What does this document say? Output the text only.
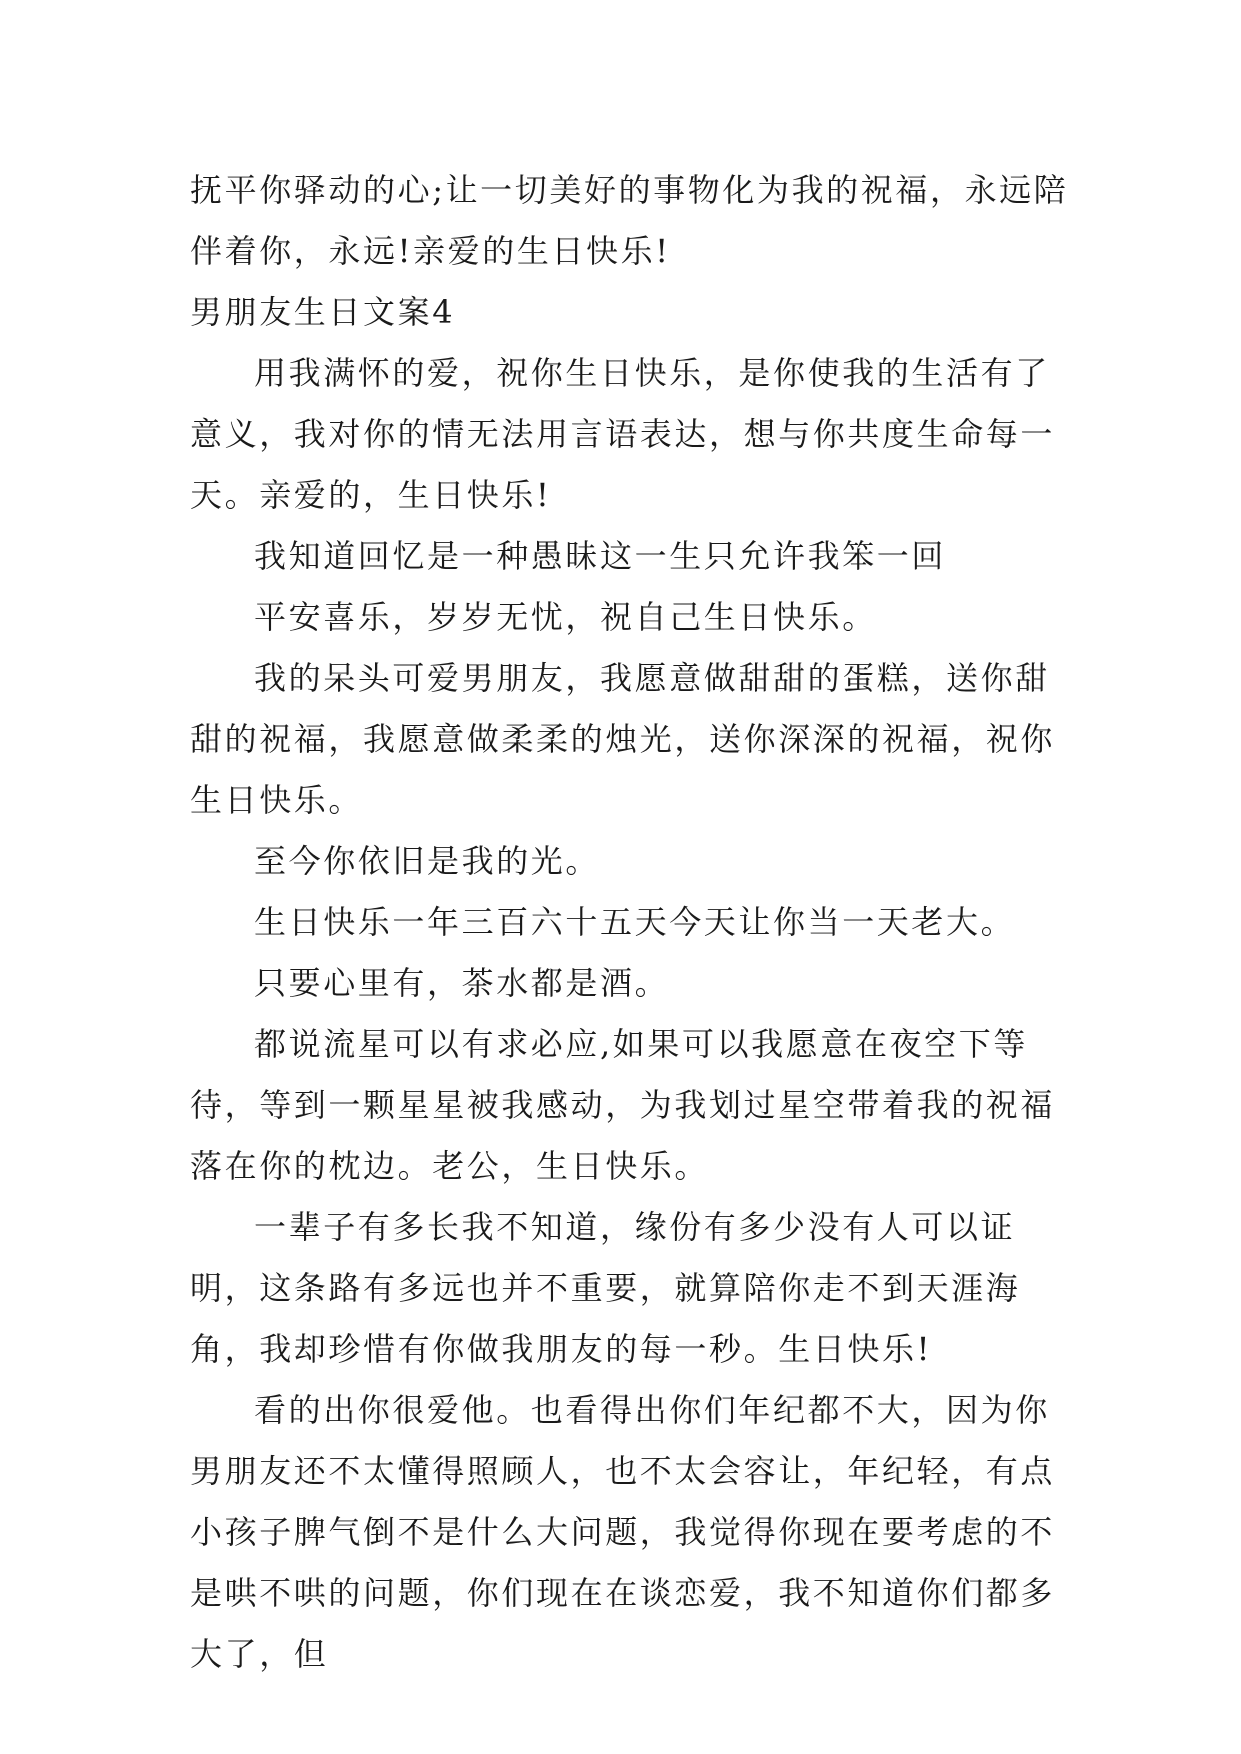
抚平你驿动的心;让一切美好的事物化为我的祝福，永远陪伴着你，永远!亲爱的生日快乐!

男朋友生日文案4

用我满怀的爱，祝你生日快乐，是你使我的生活有了意义，我对你的情无法用言语表达，想与你共度生命每一天。亲爱的，生日快乐!

我知道回忆是一种愚昧这一生只允许我笨一回

平安喜乐，岁岁无忧，祝自己生日快乐。

我的呆头可爱男朋友，我愿意做甜甜的蛋糕，送你甜甜的祝福，我愿意做柔柔的烛光，送你深深的祝福，祝你生日快乐。

至今你依旧是我的光。

生日快乐一年三百六十五天今天让你当一天老大。

只要心里有，茶水都是酒。

都说流星可以有求必应,如果可以我愿意在夜空下等待，等到一颗星星被我感动，为我划过星空带着我的祝福落在你的枕边。老公，生日快乐。

一辈子有多长我不知道，缘份有多少没有人可以证明，这条路有多远也并不重要，就算陪你走不到天涯海角，我却珍惜有你做我朋友的每一秒。生日快乐!

看的出你很爱他。也看得出你们年纪都不大，因为你男朋友还不太懂得照顾人，也不太会容让，年纪轻，有点小孩子脾气倒不是什么大问题，我觉得你现在要考虑的不是哄不哄的问题，你们现在在谈恋爱，我不知道你们都多大了，但
